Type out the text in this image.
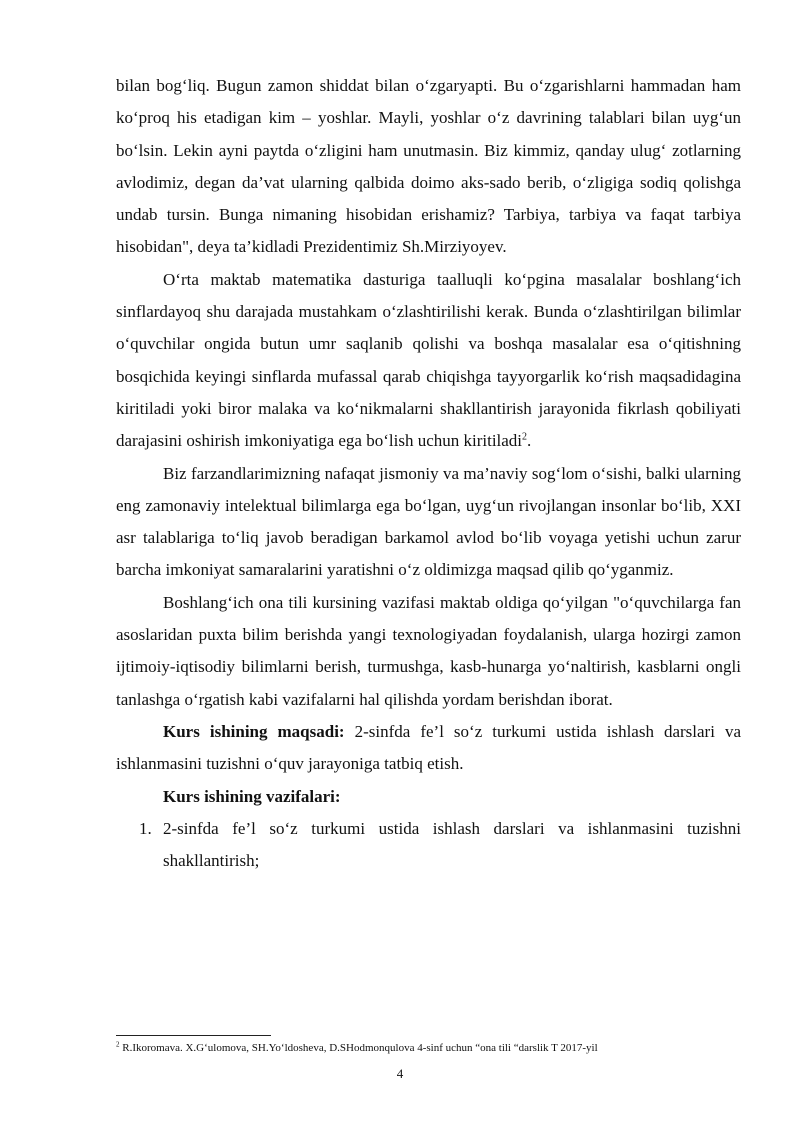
bilan bog‘liq. Bugun zamon shiddat bilan o‘zgaryapti. Bu o‘zgarishlarni hammadan ham ko‘proq his etadigan kim – yoshlar. Mayli, yoshlar o‘z davrining talablari bilan uyg‘un bo‘lsin. Lekin ayni paytda o‘zligini ham unutmasin. Biz kimmiz, qanday ulug‘ zotlarning avlodimiz, degan da’vat ularning qalbida doimo aks-sado berib, o‘zligiga sodiq qolishga undab tursin. Bunga nimaning hisobidan erishamiz? Tarbiya, tarbiya va faqat tarbiya hisobidan", deya ta’kidladi Prezidentimiz Sh.Mirziyoyev.

O‘rta maktab matematika dasturiga taalluqli ko‘pgina masalalar boshlang‘ich sinflardayoq shu darajada mustahkam o‘zlashtirilishi kerak. Bunda o‘zlashtirilgan bilimlar o‘quvchilar ongida butun umr saqlanib qolishi va boshqa masalalar esa o‘qitishning bosqichida keyingi sinflarda mufassal qarab chiqishga tayyorgarlik ko‘rish maqsadidagina kiritiladi yoki biror malaka va ko‘nikmalarni shakllantirish jarayonida fikrlash qobiliyati darajasini oshirish imkoniyatiga ega bo‘lish uchun kiritiladi$^2$.

Biz farzandlarimizning nafaqat jismoniy va ma’naviy sog‘lom o‘sishi, balki ularning eng zamonaviy intelektual bilimlarga ega bo‘lgan, uyg‘un rivojlangan insonlar bo‘lib, XXI asr talablariga to‘liq javob beradigan barkamol avlod bo‘lib voyaga yetishi uchun zarur barcha imkoniyat samaralarini yaratishni o‘z oldimizga maqsad qilib qo‘yganmiz.

Boshlang‘ich ona tili kursining vazifasi maktab oldiga qo‘yilgan "o‘quvchilarga fan asoslaridan puxta bilim berishda yangi texnologiyadan foydalanish, ularga hozirgi zamon ijtimoiy-iqtisodiy bilimlarni berish, turmushga, kasb-hunarga yo‘naltirish, kasblarni ongli tanlashga o‘rgatish kabi vazifalarni hal qilishda yordam berishdan iborat.

Kurs ishining maqsadi: 2-sinfda fe’l so‘z turkumi ustida ishlash darslari va ishlanmasini tuzishni o‘quv jarayoniga tatbiq etish.

Kurs ishining vazifalari:

1. 2-sinfda fe’l so‘z turkumi ustida ishlash darslari va ishlanmasini tuzishni shakllantirish;
$^2$ R.Ikoromava. X.G‘ulomova, SH.Yo‘ldosheva, D.SHodmonqulova 4-sinf uchun “ona tili “darslik T 2017-yil
4
